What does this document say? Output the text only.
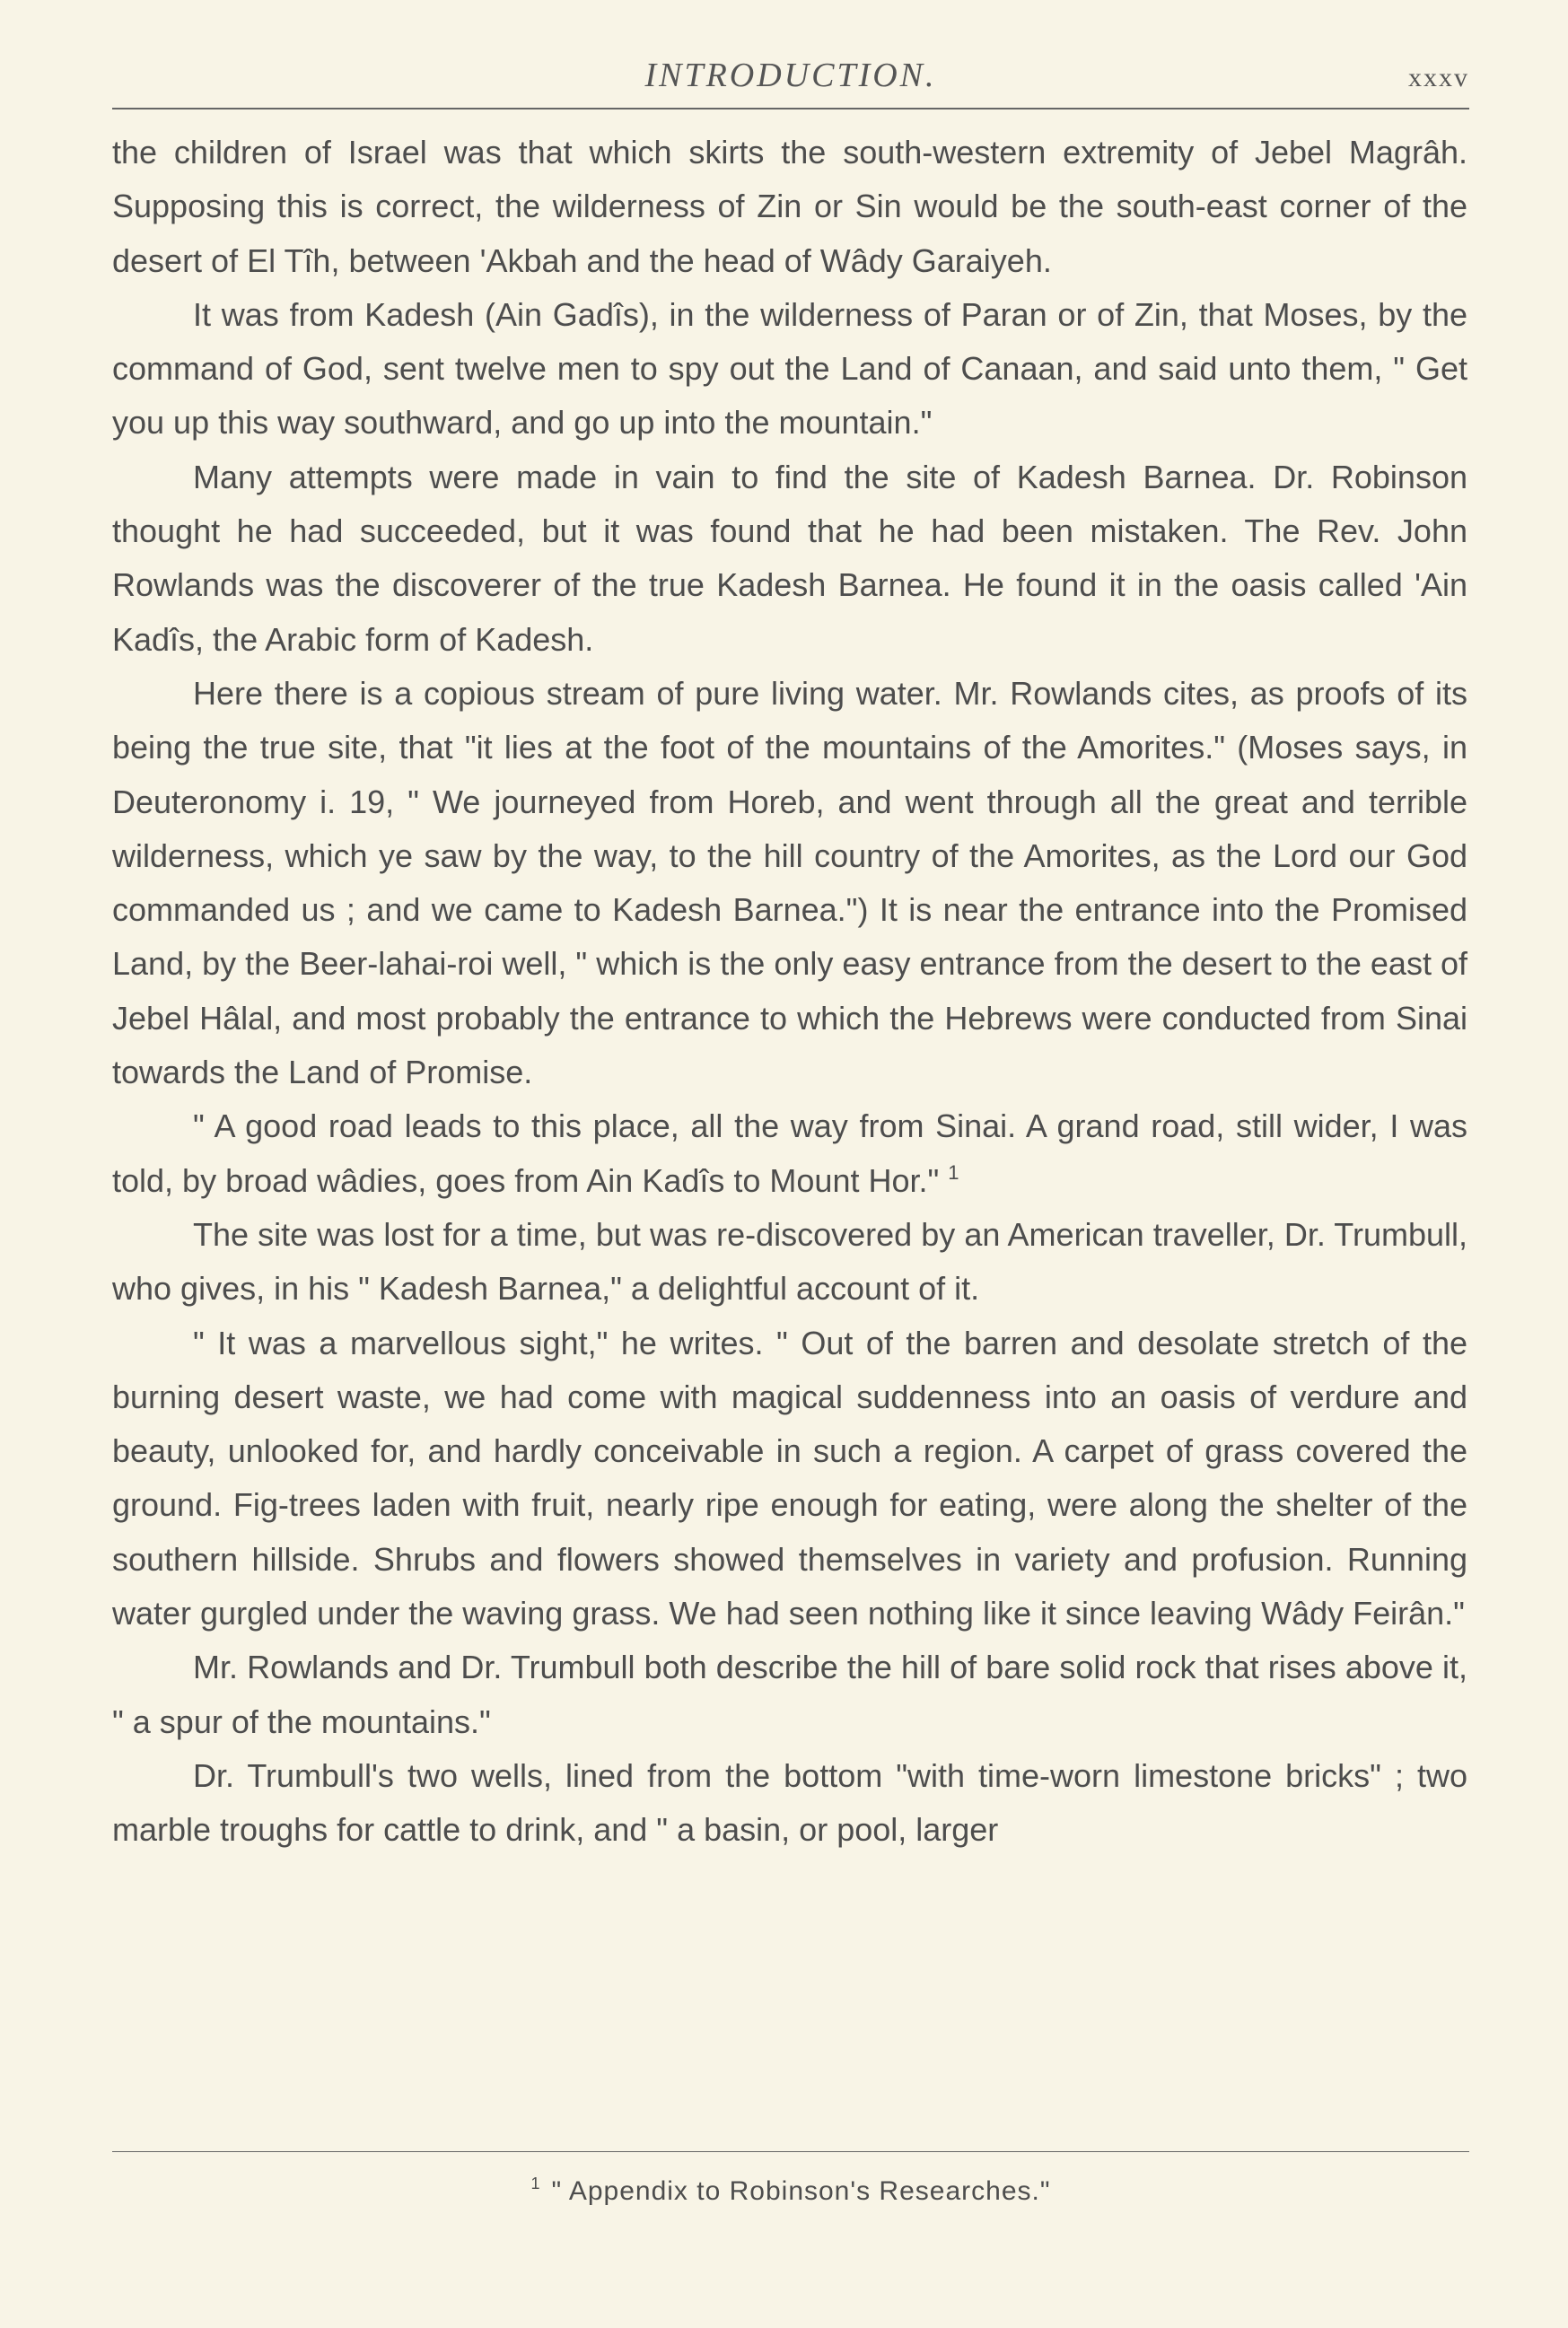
INTRODUCTION.	xxxv

the children of Israel was that which skirts the south-western extremity of Jebel Magrâh. Supposing this is correct, the wilderness of Zin or Sin would be the south-east corner of the desert of El Tîh, between 'Akbah and the head of Wâdy Garaiyeh.

It was from Kadesh (Ain Gadîs), in the wilderness of Paran or of Zin, that Moses, by the command of God, sent twelve men to spy out the Land of Canaan, and said unto them, " Get you up this way southward, and go up into the mountain."

Many attempts were made in vain to find the site of Kadesh Barnea. Dr. Robinson thought he had succeeded, but it was found that he had been mistaken. The Rev. John Rowlands was the discoverer of the true Kadesh Barnea. He found it in the oasis called 'Ain Kadîs, the Arabic form of Kadesh.

Here there is a copious stream of pure living water. Mr. Rowlands cites, as proofs of its being the true site, that "it lies at the foot of the mountains of the Amorites." (Moses says, in Deuteronomy i. 19, " We journeyed from Horeb, and went through all the great and terrible wilderness, which ye saw by the way, to the hill country of the Amorites, as the Lord our God commanded us ; and we came to Kadesh Barnea.") It is near the entrance into the Promised Land, by the Beer-lahai-roi well, " which is the only easy entrance from the desert to the east of Jebel Hâlal, and most probably the entrance to which the Hebrews were conducted from Sinai towards the Land of Promise.

" A good road leads to this place, all the way from Sinai. A grand road, still wider, I was told, by broad wâdies, goes from Ain Kadîs to Mount Hor." $^1$

The site was lost for a time, but was re-discovered by an American traveller, Dr. Trumbull, who gives, in his " Kadesh Barnea," a delightful account of it.

" It was a marvellous sight," he writes. " Out of the barren and desolate stretch of the burning desert waste, we had come with magical suddenness into an oasis of verdure and beauty, unlooked for, and hardly conceivable in such a region. A carpet of grass covered the ground. Fig-trees laden with fruit, nearly ripe enough for eating, were along the shelter of the southern hillside. Shrubs and flowers showed themselves in variety and profusion. Running water gurgled under the waving grass. We had seen nothing like it since leaving Wâdy Feirân."

Mr. Rowlands and Dr. Trumbull both describe the hill of bare solid rock that rises above it, " a spur of the mountains."

Dr. Trumbull's two wells, lined from the bottom "with time-worn limestone bricks" ; two marble troughs for cattle to drink, and " a basin, or pool, larger

$^1$ " Appendix to Robinson's Researches."
